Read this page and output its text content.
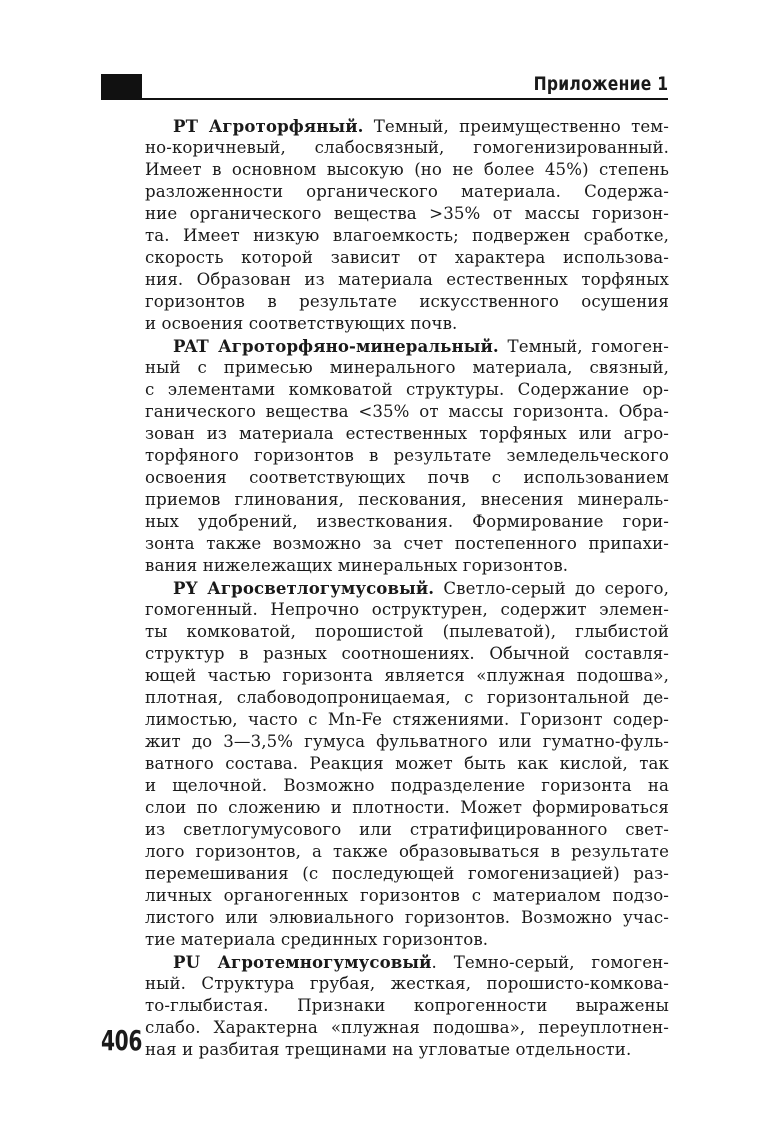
Приложение 1
PT Агроторфяный. Темный, преимущественно тем-
но-коричневый, слабосвязный, гомогенизированный.
Имеет в основном высокую (но не более 45%) степень
разложенности органического материала. Содержа-
ние органического вещества >35% от массы горизон-
та. Имеет низкую влагоемкость; подвержен сработке,
скорость которой зависит от характера использова-
ния. Образован из материала естественных торфяных
горизонтов в результате искусственного осушения
и освоения соответствующих почв.
PAT Агроторфяно-минеральный. Темный, гомоген-
ный с примесью минерального материала, связный,
с элементами комковатой структуры. Содержание ор-
ганического вещества <35% от массы горизонта. Обра-
зован из материала естественных торфяных или агро-
торфяного горизонтов в результате земледельческого
освоения соответствующих почв с использованием
приемов глинования, пескования, внесения минераль-
ных удобрений, известкования. Формирование гори-
зонта также возможно за счет постепенного припахи-
вания нижележащих минеральных горизонтов.
PY Агросветлогумусовый. Светло-серый до серого,
гомогенный. Непрочно оструктурен, содержит элемен-
ты комковатой, порошистой (пылеватой), глыбистой
структур в разных соотношениях. Обычной составля-
ющей частью горизонта является «плужная подошва»,
плотная, слабоводопроницаемая, с горизонтальной де-
лимостью, часто с Mn-Fe стяжениями. Горизонт содер-
жит до 3—3,5% гумуса фульватного или гуматно-фуль-
ватного состава. Реакция может быть как кислой, так
и щелочной. Возможно подразделение горизонта на
слои по сложению и плотности. Может формироваться
из светлогумусового или стратифицированного свет-
лого горизонтов, а также образовываться в результате
перемешивания (с последующей гомогенизацией) раз-
личных органогенных горизонтов с материалом подзо-
листого или элювиального горизонтов. Возможно учас-
тие материала срединных горизонтов.
PU Агротемногумусовый. Темно-серый, гомоген-
ный. Структура грубая, жесткая, порошисто-комкова-
то-глыбистая. Признаки копрогенности выражены
слабо. Характерна «плужная подошва», переуплотнен-
ная и разбитая трещинами на угловатые отдельности.
406
